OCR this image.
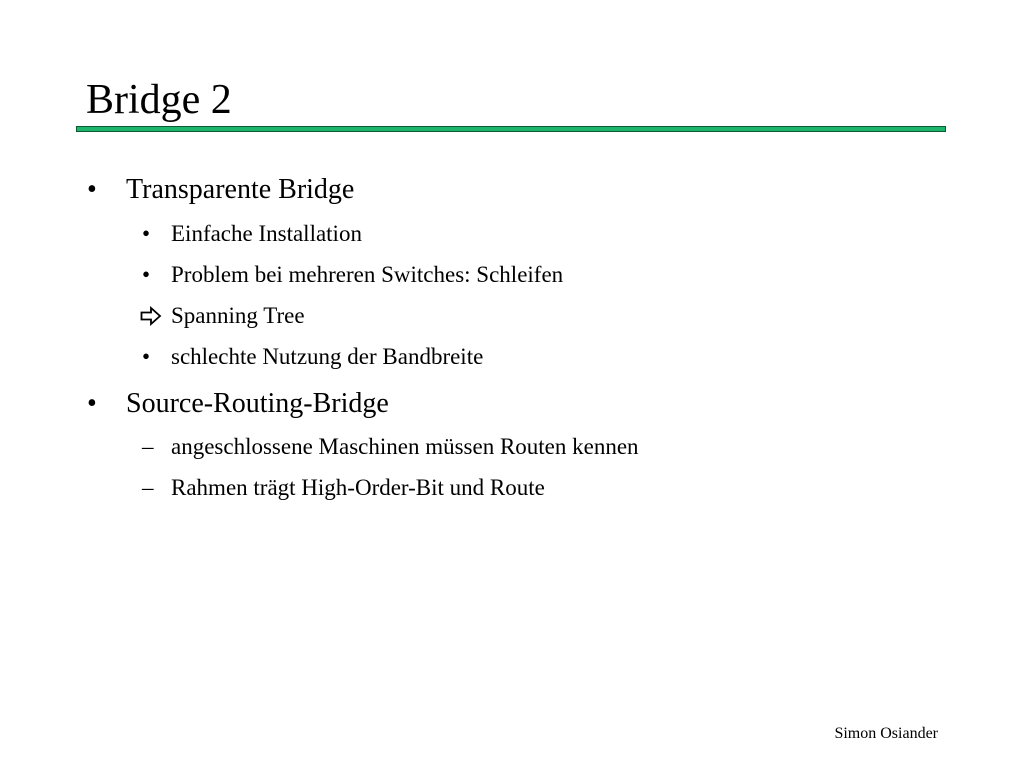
Bridge 2
• Transparente Bridge
• Einfache Installation
• Problem bei mehreren Switches: Schleifen
Spanning Tree
• schlechte Nutzung der Bandbreite
• Source-Routing-Bridge
– angeschlossene Maschinen müssen Routen kennen
– Rahmen trägt High-Order-Bit und Route
Simon Osiander
